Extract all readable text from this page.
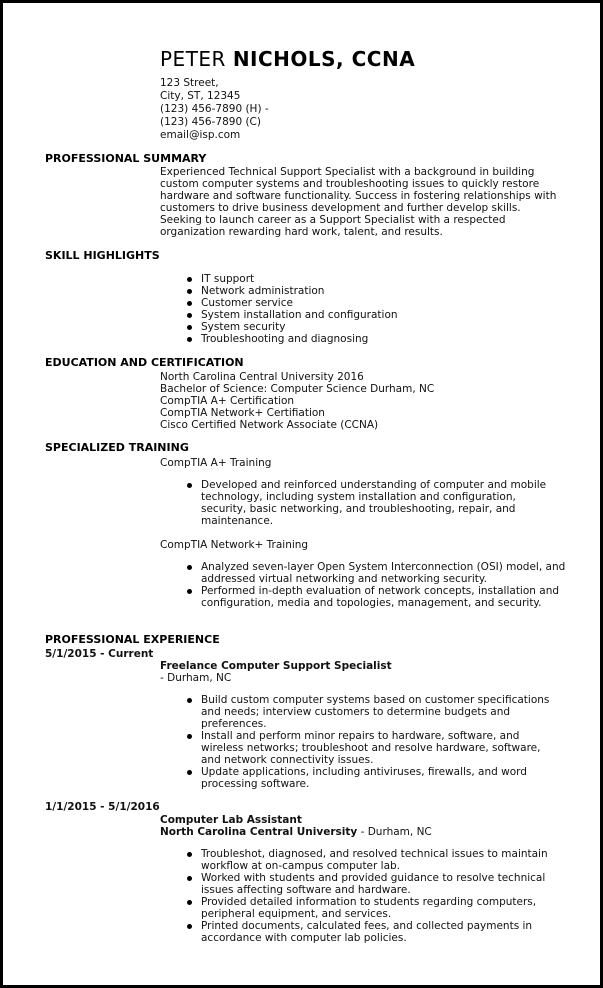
PETER NICHOLS, CCNA
123 Street,
City, ST, 12345
(123) 456-7890 (H) -
(123) 456-7890 (C)
email@isp.com
PROFESSIONAL SUMMARY
Experienced Technical Support Specialist with a background in building custom computer systems and troubleshooting issues to quickly restore hardware and software functionality. Success in fostering relationships with customers to drive business development and further develop skills. Seeking to launch career as a Support Specialist with a respected organization rewarding hard work, talent, and results.
SKILL HIGHLIGHTS
IT support
Network administration
Customer service
System installation and configuration
System security
Troubleshooting and diagnosing
EDUCATION AND CERTIFICATION
North Carolina Central University 2016
Bachelor of Science: Computer Science Durham, NC
CompTIA A+ Certification
CompTIA Network+ Certifiation
Cisco Certified Network Associate (CCNA)
SPECIALIZED TRAINING
CompTIA A+ Training
Developed and reinforced understanding of computer and mobile technology, including system installation and configuration, security, basic networking, and troubleshooting, repair, and maintenance.
CompTIA Network+ Training
Analyzed seven-layer Open System Interconnection (OSI) model, and addressed virtual networking and networking security.
Performed in-depth evaluation of network concepts, installation and configuration, media and topologies, management, and security.
PROFESSIONAL EXPERIENCE
5/1/2015 - Current
Freelance Computer Support Specialist
- Durham, NC
Build custom computer systems based on customer specifications and needs; interview customers to determine budgets and preferences.
Install and perform minor repairs to hardware, software, and wireless networks; troubleshoot and resolve hardware, software, and network connectivity issues.
Update applications, including antiviruses, firewalls, and word processing software.
1/1/2015 - 5/1/2016
Computer Lab Assistant
North Carolina Central University - Durham, NC
Troubleshot, diagnosed, and resolved technical issues to maintain workflow at on-campus computer lab.
Worked with students and provided guidance to resolve technical issues affecting software and hardware.
Provided detailed information to students regarding computers, peripheral equipment, and services.
Printed documents, calculated fees, and collected payments in accordance with computer lab policies.
